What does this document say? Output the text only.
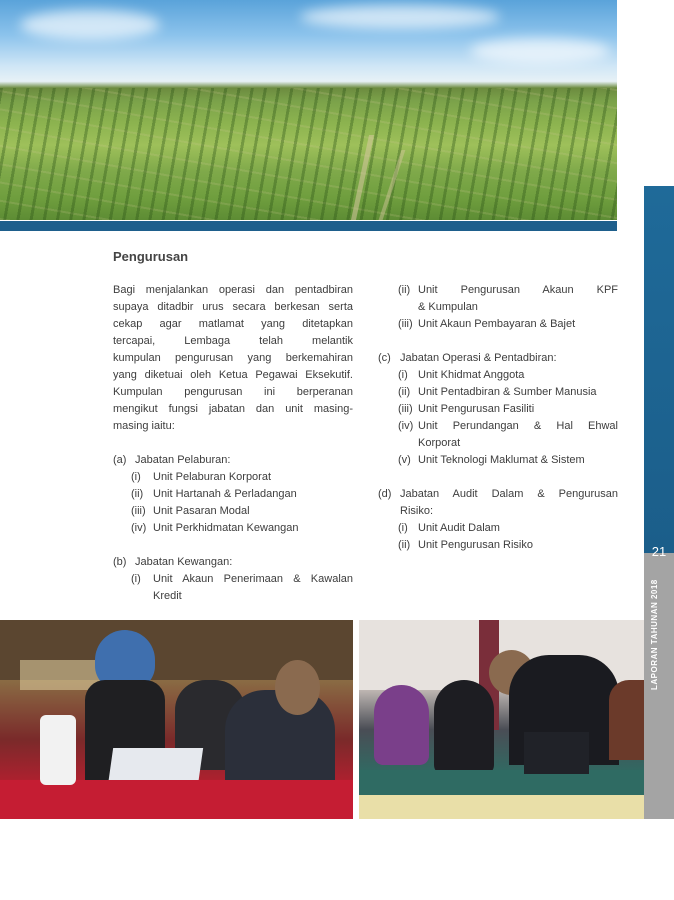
21
LAPORAN TAHUNAN 2018
Pengurusan
Bagi menjalankan operasi dan pentadbiran
supaya ditadbir urus secara berkesan serta
cekap agar matlamat yang ditetapkan
tercapai, Lembaga telah melantik
kumpulan pengurusan yang berkemahiran
yang diketuai oleh Ketua Pegawai Eksekutif.
Kumpulan pengurusan ini berperanan
mengikut fungsi jabatan dan unit masing-
masing iaitu:
(a) Jabatan Pelaburan:
(i)	Unit Pelaburan Korporat
(ii) Unit Hartanah & Perladangan
(iii) Unit Pasaran Modal
(iv) Unit Perkhidmatan Kewangan
(b) Jabatan Kewangan:
(i)	Unit Akaun Penerimaan & Kawalan
Kredit
(ii) Unit Pengurusan Akaun KPF
& Kumpulan
(iii) Unit Akaun Pembayaran & Bajet
(c) Jabatan Operasi & Pentadbiran:
(i) Unit Khidmat Anggota
(ii) Unit Pentadbiran & Sumber Manusia
(iii) Unit Pengurusan Fasiliti
(iv) Unit Perundangan & Hal Ehwal
Korporat
(v) Unit Teknologi Maklumat & Sistem
(d) Jabatan Audit Dalam & Pengurusan
Risiko:
(i) Unit Audit Dalam
(ii) Unit Pengurusan Risiko
